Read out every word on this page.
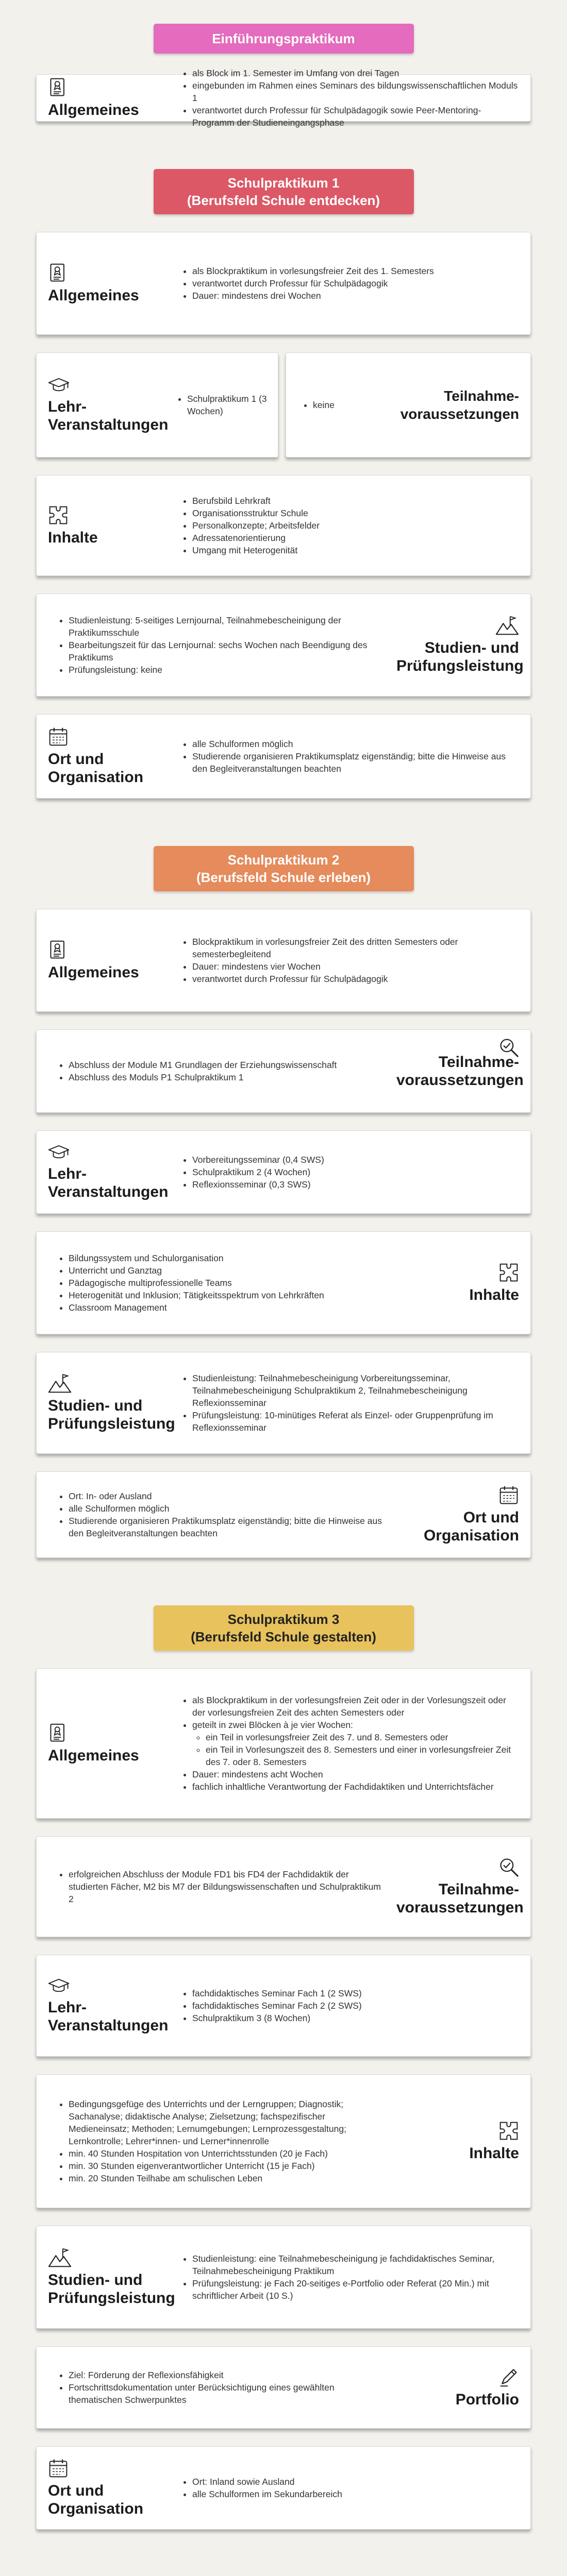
Einführungspraktikum
Allgemeines
• als Block im 1. Semester im Umfang von drei Tagen
• eingebunden im Rahmen eines Seminars des bildungswissenschaftlichen Moduls 1
• verantwortet durch Professur für Schulpädagogik sowie Peer-Mentoring-Programm der Studieneingangsphase
Schulpraktikum 1
(Berufsfeld Schule entdecken)
Allgemeines
• als Blockpraktikum in vorlesungsfreier Zeit des 1. Semesters
• verantwortet durch Professur für Schulpädagogik
• Dauer: mindestens drei Wochen
Lehr-
Veranstaltungen
• Schulpraktikum 1 (3 Wochen)
• keine
Teilnahme-
voraussetzungen
Inhalte
• Berufsbild Lehrkraft
• Organisationsstruktur Schule
• Personalkonzepte; Arbeitsfelder
• Adressatenorientierung
• Umgang mit Heterogenität
• Studienleistung: 5-seitiges Lernjournal, Teilnahmebescheinigung der Praktikumsschule
• Bearbeitungszeit für das Lernjournal: sechs Wochen nach Beendigung des Praktikums
• Prüfungsleistung: keine
Studien- und
Prüfungsleistung
Ort und
Organisation
• alle Schulformen möglich
• Studierende organisieren Praktikumsplatz eigenständig; bitte die Hinweise aus den Begleitveranstaltungen beachten
Schulpraktikum 2
(Berufsfeld Schule erleben)
Allgemeines
• Blockpraktikum in vorlesungsfreier Zeit des dritten Semesters oder semesterbegleitend
• Dauer: mindestens vier Wochen
• verantwortet durch Professur für Schulpädagogik
• Abschluss der Module M1 Grundlagen der Erziehungswissenschaft
• Abschluss des Moduls P1 Schulpraktikum 1
Teilnahme-
voraussetzungen
Lehr-
Veranstaltungen
• Vorbereitungsseminar (0,4 SWS)
• Schulpraktikum 2 (4 Wochen)
• Reflexionsseminar (0,3 SWS)
• Bildungssystem und Schulorganisation
• Unterricht und Ganztag
• Pädagogische multiprofessionelle Teams
• Heterogenität und Inklusion; Tätigkeitsspektrum von Lehrkräften
• Classroom Management
Inhalte
Studien- und
Prüfungsleistung
• Studienleistung: Teilnahmebescheinigung Vorbereitungsseminar, Teilnahmebescheinigung Schulpraktikum 2, Teilnahmebescheinigung Reflexionsseminar
• Prüfungsleistung: 10-minütiges Referat als Einzel- oder Gruppenprüfung im Reflexionsseminar
• Ort: In- oder Ausland
• alle Schulformen möglich
• Studierende organisieren Praktikumsplatz eigenständig; bitte die Hinweise aus den Begleitveranstaltungen beachten
Ort und
Organisation
Schulpraktikum 3
(Berufsfeld Schule gestalten)
Allgemeines
• als Blockpraktikum in der vorlesungsfreien Zeit oder in der Vorlesungszeit oder der vorlesungsfreien Zeit des achten Semesters oder
• geteilt in zwei Blöcken à je vier Wochen:
◦ ein Teil in vorlesungsfreier Zeit des 7. und 8. Semesters oder
◦ ein Teil in Vorlesungszeit des 8. Semesters und einer in vorlesungsfreier Zeit des 7. oder 8. Semesters
• Dauer: mindestens acht Wochen
• fachlich inhaltliche Verantwortung der Fachdidaktiken und Unterrichtsfächer
• erfolgreichen Abschluss der Module FD1 bis FD4 der Fachdidaktik der studierten Fächer, M2 bis M7 der Bildungswissenschaften und Schulpraktikum 2
Teilnahme-
voraussetzungen
Lehr-
Veranstaltungen
• fachdidaktisches Seminar Fach 1 (2 SWS)
• fachdidaktisches Seminar Fach 2 (2 SWS)
• Schulpraktikum 3 (8 Wochen)
• Bedingungsgefüge des Unterrichts und der Lerngruppen; Diagnostik; Sachanalyse; didaktische Analyse; Zielsetzung; fachspezifischer Medieneinsatz; Methoden; Lernumgebungen; Lernprozessgestaltung; Lernkontrolle; Lehrer*innen- und Lerner*innenrolle
• min. 40 Stunden Hospitation von Unterrichtsstunden (20 je Fach)
• min. 30 Stunden eigenverantwortlicher Unterricht (15 je Fach)
• min. 20 Stunden Teilhabe am schulischen Leben
Inhalte
Studien- und
Prüfungsleistung
• Studienleistung: eine Teilnahmebescheinigung je fachdidaktisches Seminar, Teilnahmebescheinigung Praktikum
• Prüfungsleistung: je Fach 20-seitiges e-Portfolio oder Referat (20 Min.) mit schriftlicher Arbeit (10 S.)
• Ziel: Förderung der Reflexionsfähigkeit
• Fortschrittsdokumentation unter Berücksichtigung eines gewählten thematischen Schwerpunktes	Portfolio
Ort und
Organisation
• Ort: Inland sowie Ausland
• alle Schulformen im Sekundarbereich
